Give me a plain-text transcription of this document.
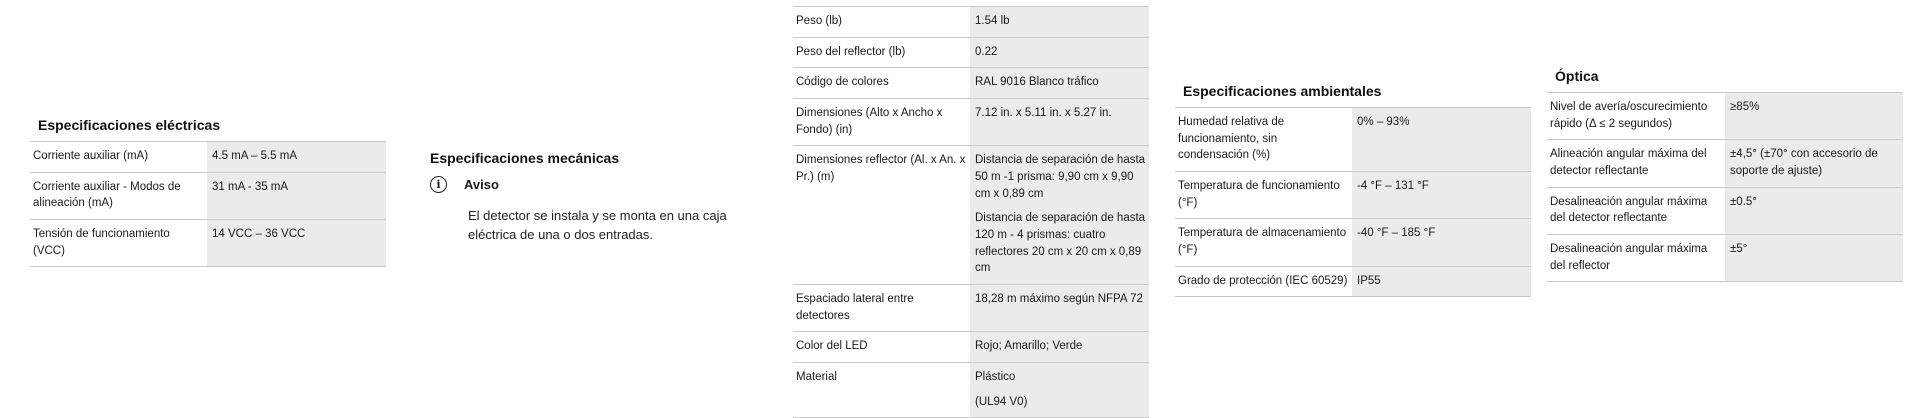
Especificaciones eléctricas
Corriente auxiliar (mA)	4.5 mA – 5.5 mA

Corriente auxiliar - Modos de alineación (mA)	31 mA - 35 mA

Tensión de funcionamiento (VCC)	14 VCC – 36 VCC
Especificaciones mecánicas
i	Aviso
El detector se instala y se monta en una caja eléctrica de una o dos entradas.
Peso (lb)	1.54 lb

Peso del reflector (lb)	0.22

Código de colores	RAL 9016 Blanco tráfico

Dimensiones (Alto x Ancho x Fondo) (in)	7.12 in. x 5.11 in. x 5.27 in.

Dimensiones reflector (Al. x An. x Pr.) (m)	Distancia de separación de hasta 50 m -1 prisma: 9,90 cm x 9,90 cm x 0,89 cm
Distancia de separación de hasta 120 m - 4 prismas: cuatro reflectores 20 cm x 20 cm x 0,89 cm

Espaciado lateral entre detectores	18,28 m máximo según NFPA 72

Color del LED	Rojo; Amarillo; Verde

Material	Plástico
(UL94 V0)
Especificaciones ambientales
Humedad relativa de funcionamiento, sin condensación (%)	0% – 93%

Temperatura de funcionamiento (°F)	-4 °F – 131 °F

Temperatura de almacenamiento (°F)	-40 °F – 185 °F

Grado de protección (IEC 60529)	IP55
Óptica
Nivel de avería/oscurecimiento rápido (Δ ≤ 2 segundos)	≥85%

Alineación angular máxima del detector reflectante	±4,5° (±70° con accesorio de soporte de ajuste)

Desalineación angular máxima del detector reflectante	±0.5°

Desalineación angular máxima del reflector	±5°
